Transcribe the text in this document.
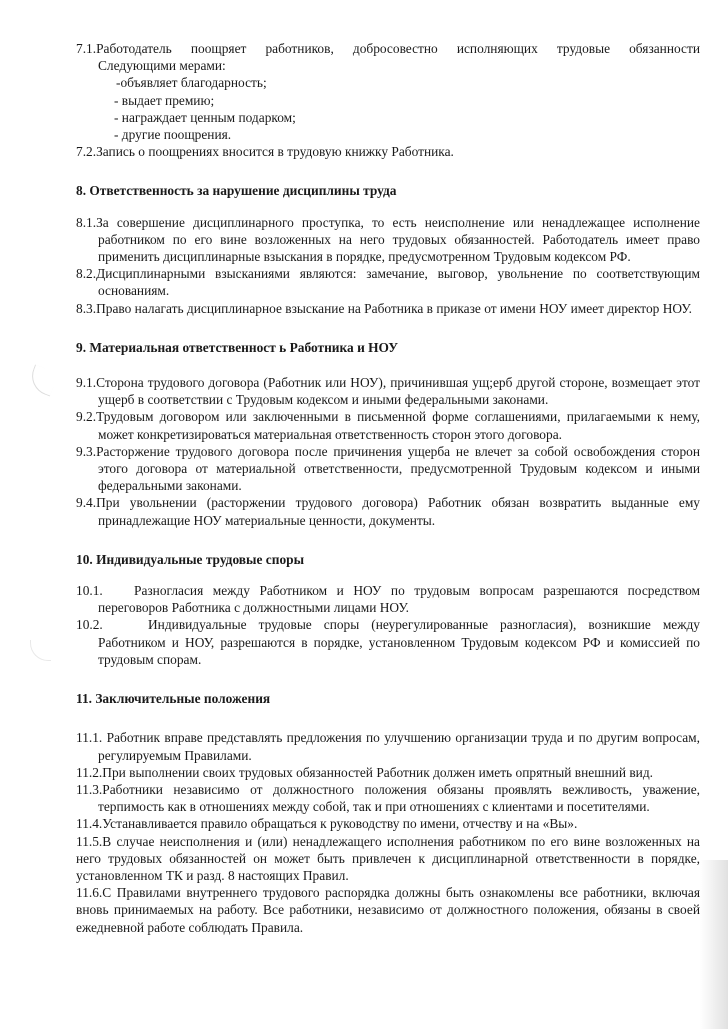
7.1.Работодатель поощряет работников, добросовестно исполняющих трудовые обязанности

Следующими мерами:

-объявляет благодарность;

- выдает премию;

- награждает ценным подарком;

- другие поощрения.

7.2.Запись о поощрениях вносится в трудовую книжку Работника.

8. Ответственность за нарушение дисциплины труда

8.1.За совершение дисциплинарного проступка, то есть неисполнение или ненадлежащее исполнение работником по его вине возложенных на него трудовых обязанностей. Работодатель имеет право применить дисциплинарные взыскания в порядке, предусмотренном Трудовым кодексом РФ.

8.2.Дисциплинарными взысканиями являются: замечание, выговор, увольнение по соответствующим основаниям.

8.3.Право налагать дисциплинарное взыскание на Работника в приказе от имени НОУ имеет директор НОУ.

9. Материальная ответственност ь Работника и НОУ

9.1.Сторона трудового договора (Работник или НОУ), причинившая ущ;ерб другой стороне, возмещает этот ущерб в соответствии с Трудовым кодексом и иными федеральными законами.

9.2.Трудовым договором или заключенными в письменной форме соглашениями, прилагаемыми к нему, может конкретизироваться материальная ответственность сторон этого договора.

9.3.Расторжение трудового договора после причинения ущерба не влечет за собой освобождения сторон этого договора от материальной ответственности, предусмотренной Трудовым кодексом и иными федеральными законами.

9.4.При увольнении (расторжении трудового договора) Работник обязан возвратить выданные ему принадлежащие НОУ материальные ценности, документы.

10. Индивидуальные трудовые споры

10.1. Разногласия между Работником и НОУ по трудовым вопросам разрешаются посредством переговоров Работника с должностными лицами НОУ.

10.2.	Индивидуальные трудовые споры (неурегулированные разногласия), возникшие между Работником и НОУ, разрешаются в порядке, установленном Трудовым кодексом РФ и комиссией по трудовым спорам.

11. Заключительные положения

11.1. Работник вправе представлять предложения по улучшению организации труда и по другим вопросам, регулируемым Правилами.

11.2.При выполнении своих трудовых обязанностей Работник должен иметь опрятный внешний вид.

11.3.Работники независимо от должностного положения обязаны проявлять вежливость, уважение, терпимость как в отношениях между собой, так и при отношениях с клиентами и посетителями.

11.4.Устанавливается правило обращаться к руководству по имени, отчеству и на «Вы».

11.5.В случае неисполнения и (или) ненадлежащего исполнения работником по его вине возложенных на него трудовых обязанностей он может быть привлечен к дисциплинарной ответственности в порядке, установленном ТК и разд. 8 настоящих Правил.

11.6.С Правилами внутреннего трудового распорядка должны быть ознакомлены все работники, включая вновь принимаемых на работу. Все работники, независимо от должностного положения, обязаны в своей ежедневной работе соблюдать Правила.
